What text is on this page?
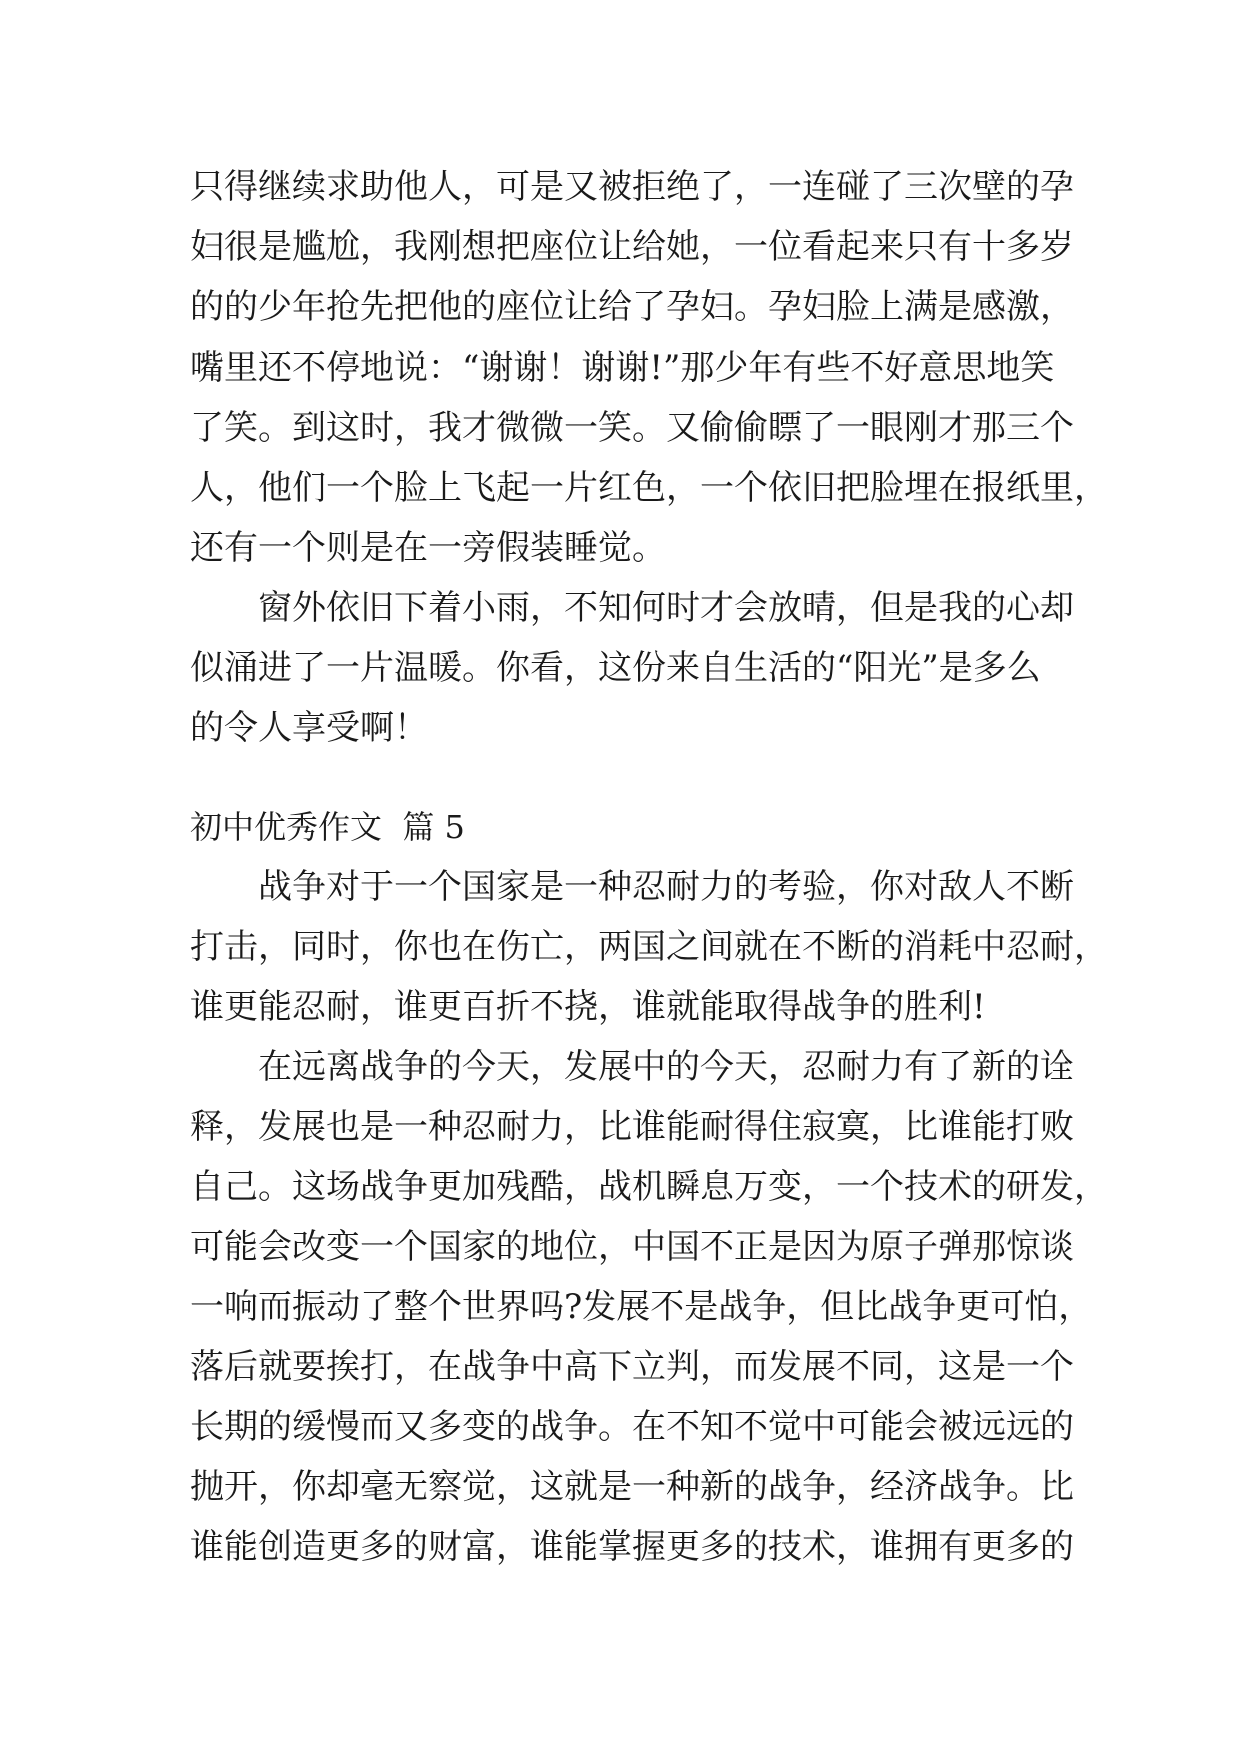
只得继续求助他人，可是又被拒绝了，一连碰了三次壁的孕
妇很是尴尬，我刚想把座位让给她，一位看起来只有十多岁
的的少年抢先把他的座位让给了孕妇。孕妇脸上满是感激，
嘴里还不停地说：“谢谢！谢谢!”那少年有些不好意思地笑
了笑。到这时，我才微微一笑。又偷偷瞟了一眼刚才那三个
人，他们一个脸上飞起一片红色，一个依旧把脸埋在报纸里，
还有一个则是在一旁假装睡觉。
窗外依旧下着小雨，不知何时才会放晴，但是我的心却
似涌进了一片温暖。你看，这份来自生活的“阳光”是多么
的令人享受啊！
初中优秀作文  篇 5
战争对于一个国家是一种忍耐力的考验，你对敌人不断
打击，同时，你也在伤亡，两国之间就在不断的消耗中忍耐，
谁更能忍耐，谁更百折不挠，谁就能取得战争的胜利!
在远离战争的今天，发展中的今天，忍耐力有了新的诠
释，发展也是一种忍耐力，比谁能耐得住寂寞，比谁能打败
自己。这场战争更加残酷，战机瞬息万变，一个技术的研发，
可能会改变一个国家的地位，中国不正是因为原子弹那惊谈
一响而振动了整个世界吗?发展不是战争，但比战争更可怕，
落后就要挨打，在战争中高下立判，而发展不同，这是一个
长期的缓慢而又多变的战争。在不知不觉中可能会被远远的
抛开，你却毫无察觉，这就是一种新的战争，经济战争。比
谁能创造更多的财富，谁能掌握更多的技术，谁拥有更多的
